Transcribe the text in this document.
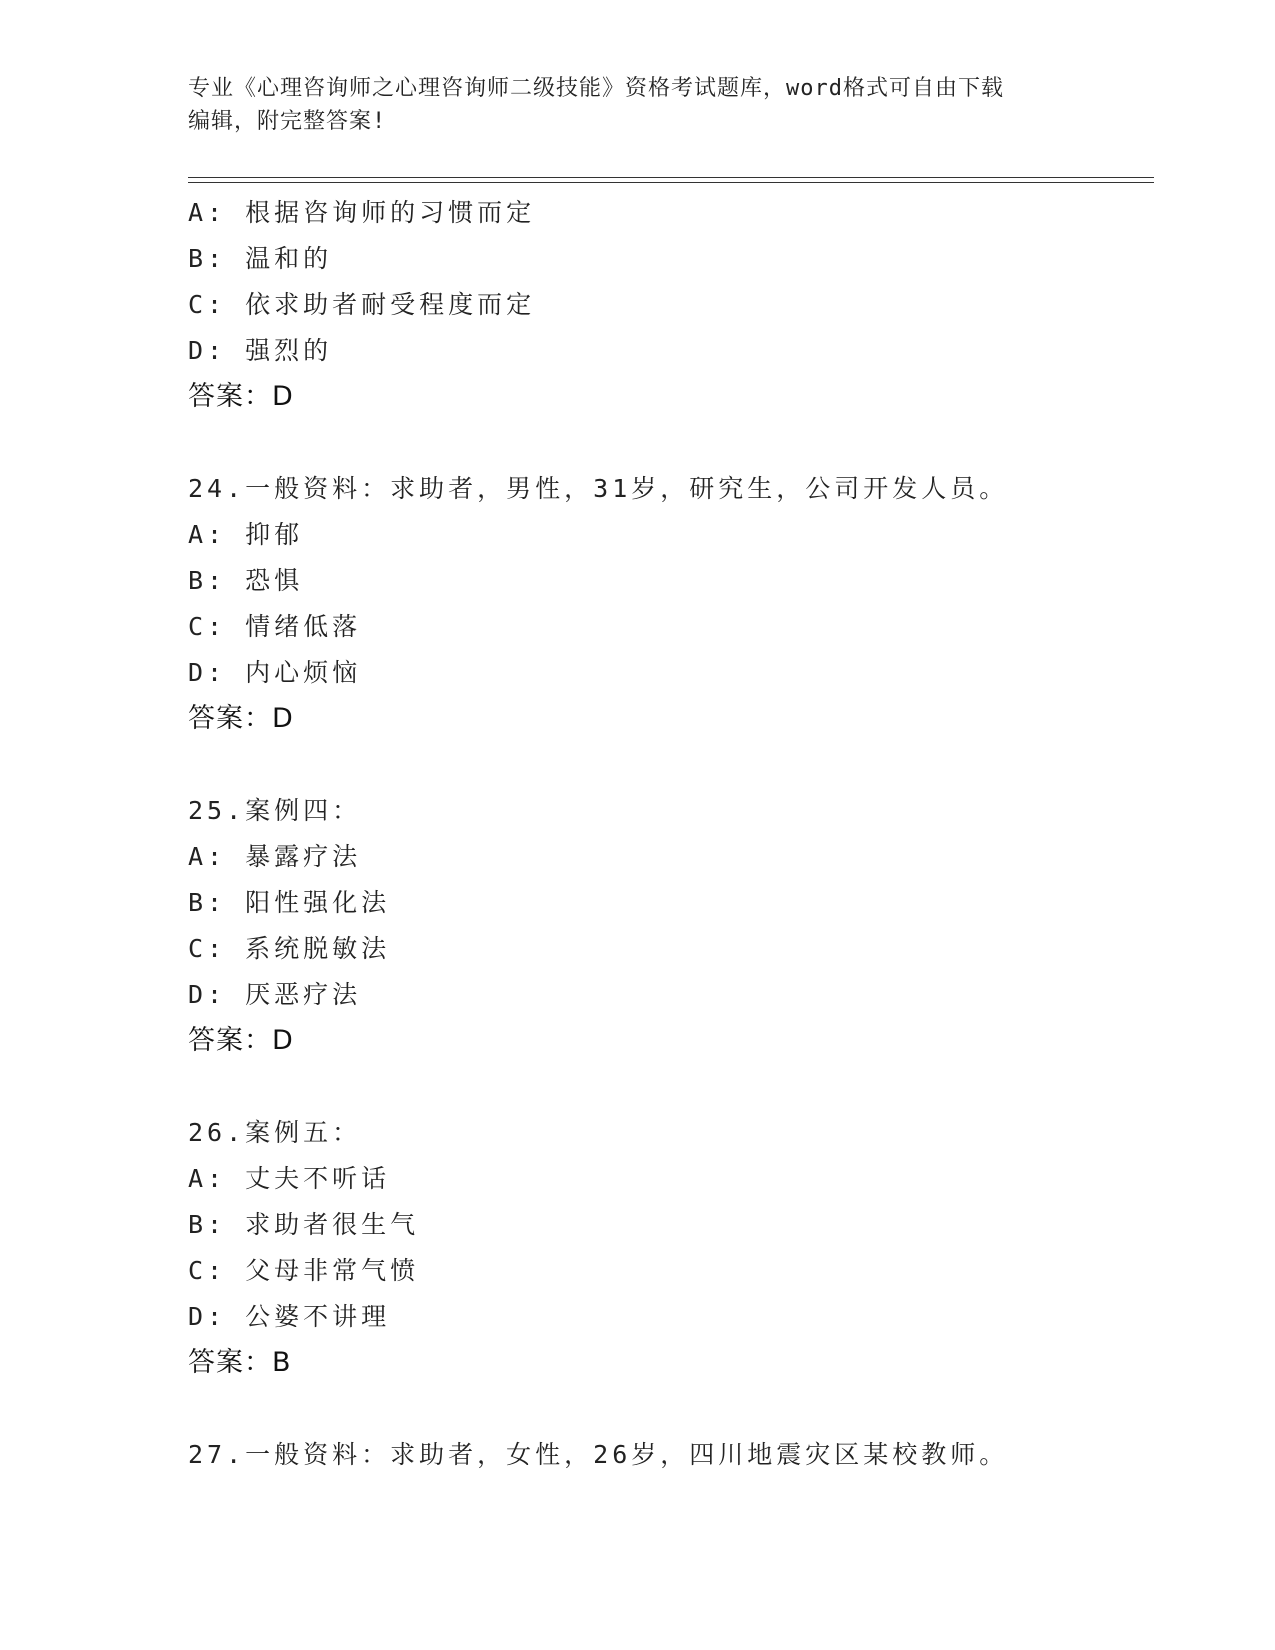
专业《心理咨询师之心理咨询师二级技能》资格考试题库，word格式可自由下载
编辑，附完整答案!
A: 根据咨询师的习惯而定
B: 温和的
C: 依求助者耐受程度而定
D: 强烈的
答案：D
24.一般资料：求助者，男性，31岁，研究生，公司开发人员。
A: 抑郁
B: 恐惧
C: 情绪低落
D: 内心烦恼
答案：D
25.案例四：
A: 暴露疗法
B: 阳性强化法
C: 系统脱敏法
D: 厌恶疗法
答案：D
26.案例五：
A: 丈夫不听话
B: 求助者很生气
C: 父母非常气愤
D: 公婆不讲理
答案：B
27.一般资料：求助者，女性，26岁，四川地震灾区某校教师。
